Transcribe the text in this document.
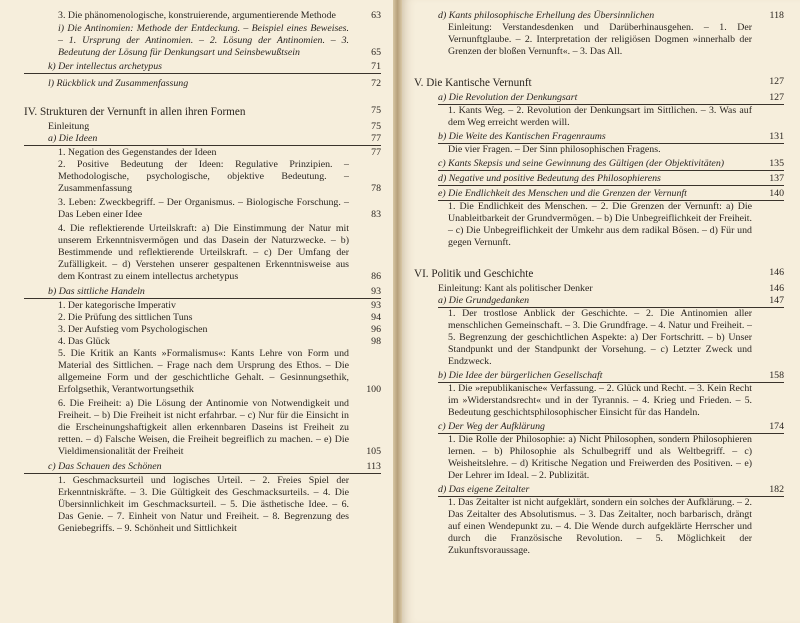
3. Die phänomenologische, konstruierende, argumentierende Methode	63
i) Die Antinomien: Methode der Entdeckung. – Beispiel eines Beweises. – 1. Ursprung der Antinomien. – 2. Lösung der Antinomien. – 3. Bedeutung der Lösung für Denkungsart und Seinsbewußtsein	65
k) Der intellectus archetypus	71
l) Rückblick und Zusammenfassung	72
IV. Strukturen der Vernunft in allen ihren Formen	75
Einleitung	75
a) Die Ideen	77
1. Negation des Gegenstandes der Ideen	77
2. Positive Bedeutung der Ideen: Regulative Prinzipien. – Methodologische, psychologische, objektive Bedeutung. – Zusammenfassung	78
3. Leben: Zweckbegriff. – Der Organismus. – Biologische Forschung. – Das Leben einer Idee	83
4. Die reflektierende Urteilskraft: a) Die Einstimmung der Natur mit unserem Erkenntnisvermögen und das Dasein der Naturzwecke. – b) Bestimmende und reflektierende Urteilskraft. – c) Der Umfang der Zufälligkeit. – d) Verstehen unserer gespaltenen Erkenntnisweise aus dem Kontrast zu einem intellectus archetypus	86
b) Das sittliche Handeln	93
1. Der kategorische Imperativ	93
2. Die Prüfung des sittlichen Tuns	94
3. Der Aufstieg vom Psychologischen	96
4. Das Glück	98
5. Die Kritik an Kants »Formalismus«: Kants Lehre von Form und Material des Sittlichen. – Frage nach dem Ursprung des Ethos. – Die allgemeine Form und der geschichtliche Gehalt. – Gesinnungsethik, Erfolgsethik, Verantwortungsethik	100
6. Die Freiheit: a) Die Lösung der Antinomie von Notwendigkeit und Freiheit. – b) Die Freiheit ist nicht erfahrbar. – c) Nur für die Einsicht in die Erscheinungshaftigkeit allen erkennbaren Daseins ist Freiheit zu retten. – d) Falsche Weisen, die Freiheit begreiflich zu machen. – e) Die Vieldimensionalität der Freiheit	105
c) Das Schauen des Schönen	113
1. Geschmacksurteil und logisches Urteil. – 2. Freies Spiel der Erkenntniskräfte. – 3. Die Gültigkeit des Geschmacksurteils. – 4. Die Übersinnlichkeit im Geschmacksurteil. – 5. Die ästhetische Idee. – 6. Das Genie. – 7. Einheit von Natur und Freiheit. – 8. Begrenzung des Geniebegriffs. – 9. Schönheit und Sittlichkeit
d) Kants philosophische Erhellung des Übersinnlichen	118
Einleitung: Verstandesdenken und Darüberhinausgehen. – 1. Der Vernunftglaube. – 2. Interpretation der religiösen Dogmen »innerhalb der Grenzen der bloßen Vernunft«. – 3. Das All.
V. Die Kantische Vernunft	127
a) Die Revolution der Denkungsart	127
1. Kants Weg. – 2. Revolution der Denkungsart im Sittlichen. – 3. Was auf dem Weg erreicht werden will.
b) Die Weite des Kantischen Fragenraums	131
Die vier Fragen. – Der Sinn philosophischen Fragens.
c) Kants Skepsis und seine Gewinnung des Gültigen (der Objektivitäten)	135
d) Negative und positive Bedeutung des Philosophierens	137
e) Die Endlichkeit des Menschen und die Grenzen der Vernunft	140
1. Die Endlichkeit des Menschen. – 2. Die Grenzen der Vernunft: a) Die Unableitbarkeit der Grundvermögen. – b) Die Unbegreiflichkeit der Freiheit. – c) Die Unbegreiflichkeit der Umkehr aus dem radikal Bösen. – d) Für und gegen Vernunft.
VI. Politik und Geschichte	146
Einleitung: Kant als politischer Denker	146
a) Die Grundgedanken	147
1. Der trostlose Anblick der Geschichte. – 2. Die Antinomien aller menschlichen Gemeinschaft. – 3. Die Grundfrage. – 4. Natur und Freiheit. – 5. Begrenzung der geschichtlichen Aspekte: a) Der Fortschritt. – b) Unser Standpunkt und der Standpunkt der Vorsehung. – c) Letzter Zweck und Endzweck.
b) Die Idee der bürgerlichen Gesellschaft	158
1. Die »republikanische« Verfassung. – 2. Glück und Recht. – 3. Kein Recht im »Widerstandsrecht« und in der Tyrannis. – 4. Krieg und Frieden. – 5. Bedeutung geschichtsphilosophischer Einsicht für das Handeln.
c) Der Weg der Aufklärung	174
1. Die Rolle der Philosophie: a) Nicht Philosophen, sondern Philosophieren lernen. – b) Philosophie als Schulbegriff und als Weltbegriff. – c) Weisheitslehre. – d) Kritische Negation und Freiwerden des Positiven. – e) Der Lehrer im Ideal. – 2. Publizität.
d) Das eigene Zeitalter	182
1. Das Zeitalter ist nicht aufgeklärt, sondern ein solches der Aufklärung. – 2. Das Zeitalter des Absolutismus. – 3. Das Zeitalter, noch barbarisch, drängt auf einen Wendepunkt zu. – 4. Die Wende durch aufgeklärte Herrscher und durch die Französische Revolution. – 5. Möglichkeit der Zukunftsvoraussage.
